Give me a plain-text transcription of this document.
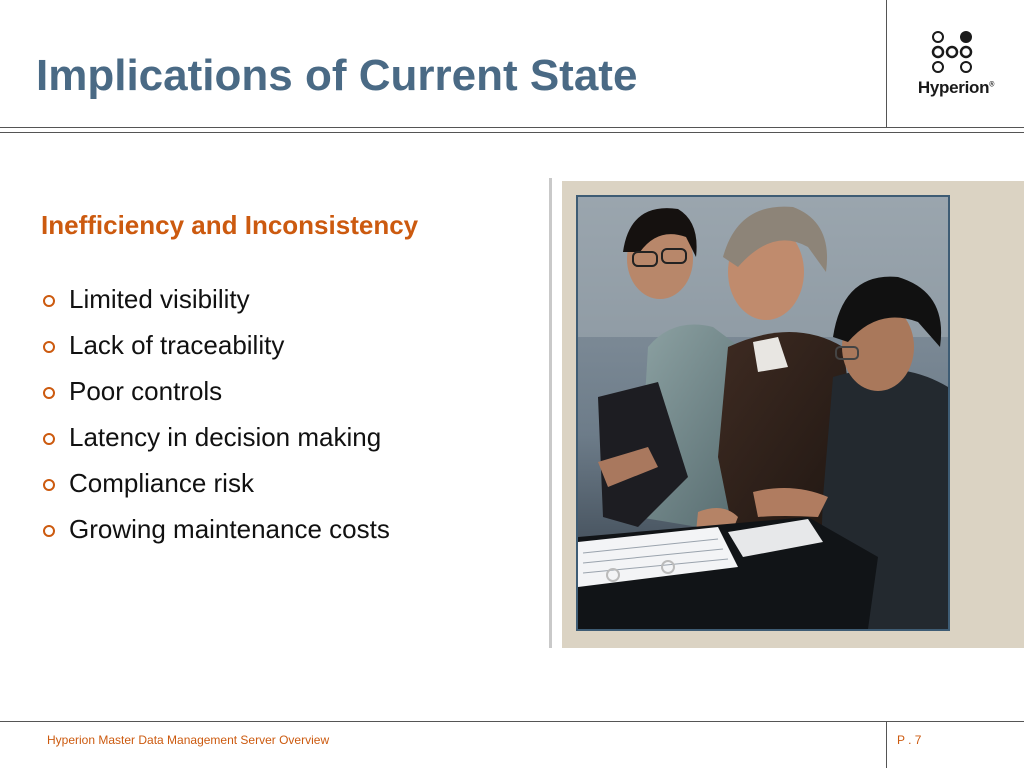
Implications of Current State	Hyperion®
Inefficiency and Inconsistency
Limited visibility
Lack of traceability
Poor controls
Latency in decision making
Compliance risk
Growing maintenance costs
Hyperion Master Data Management Server Overview	P . 7
